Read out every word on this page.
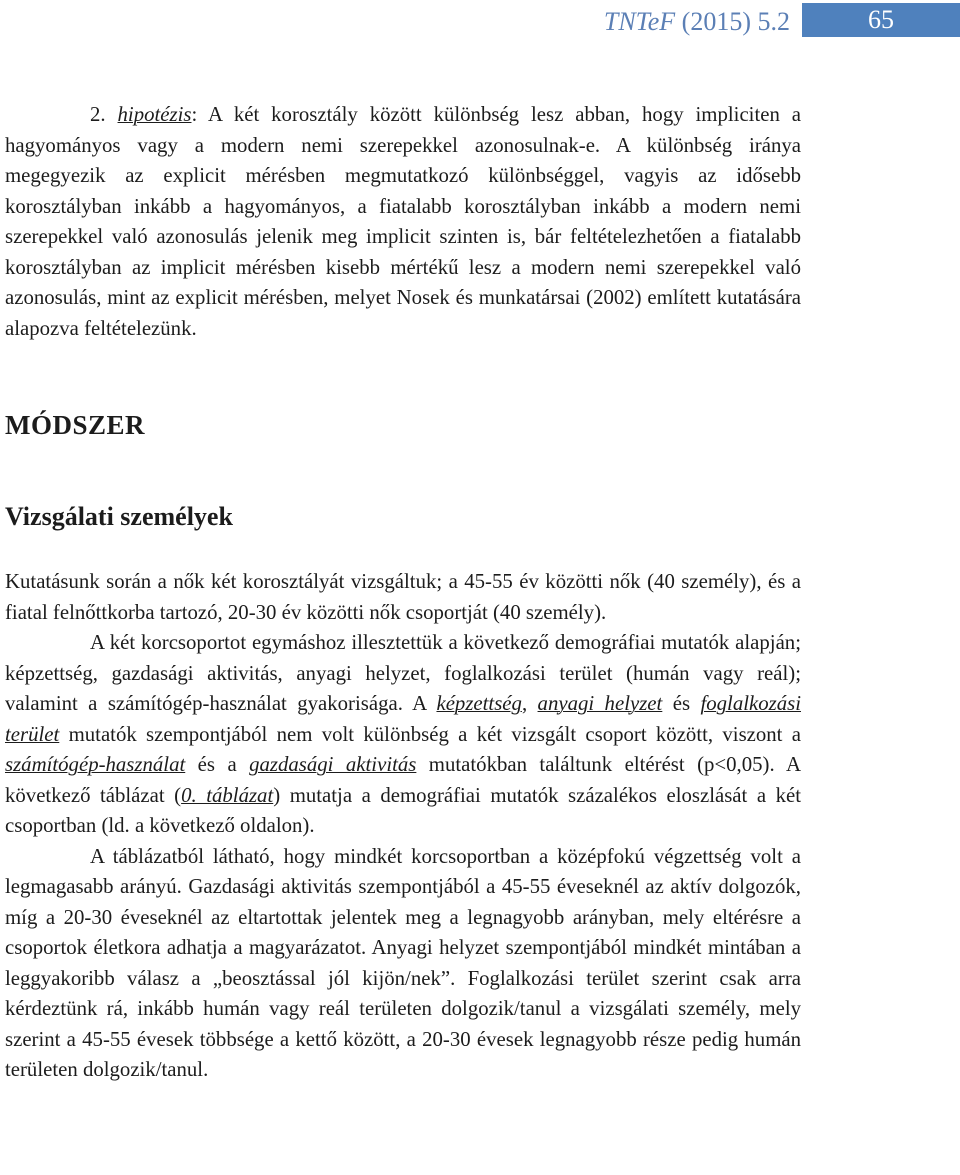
TNTeF (2015) 5.2	65

2. hipotézis: A két korosztály között különbség lesz abban, hogy impliciten a hagyományos vagy a modern nemi szerepekkel azonosulnak-e. A különbség iránya megegyezik az explicit mérésben megmutatkozó különbséggel, vagyis az idősebb korosztályban inkább a hagyományos, a fiatalabb korosztályban inkább a modern nemi szerepekkel való azonosulás jelenik meg implicit szinten is, bár feltételezhetően a fiatalabb korosztályban az implicit mérésben kisebb mértékű lesz a modern nemi szerepekkel való azonosulás, mint az explicit mérésben, melyet Nosek és munkatársai (2002) említett kutatására alapozva feltételezünk.

MÓDSZER
Vizsgálati személyek

Kutatásunk során a nők két korosztályát vizsgáltuk; a 45-55 év közötti nők (40 személy), és a fiatal felnőttkorba tartozó, 20-30 év közötti nők csoportját (40 személy).

A két korcsoportot egymáshoz illesztettük a következő demográfiai mutatók alapján; képzettség, gazdasági aktivitás, anyagi helyzet, foglalkozási terület (humán vagy reál); valamint a számítógép-használat gyakorisága. A képzettség, anyagi helyzet és foglalkozási terület mutatók szempontjából nem volt különbség a két vizsgált csoport között, viszont a számítógép-használat és a gazdasági aktivitás mutatókban találtunk eltérést (p<0,05). A következő táblázat (0. táblázat) mutatja a demográfiai mutatók százalékos eloszlását a két csoportban (ld. a következő oldalon).

A táblázatból látható, hogy mindkét korcsoportban a középfokú végzettség volt a legmagasabb arányú. Gazdasági aktivitás szempontjából a 45-55 éveseknél az aktív dolgozók, míg a 20-30 éveseknél az eltartottak jelentek meg a legnagyobb arányban, mely eltérésre a csoportok életkora adhatja a magyarázatot. Anyagi helyzet szempontjából mindkét mintában a leggyakoribb válasz a „beosztással jól kijön/nek”. Foglalkozási terület szerint csak arra kérdeztünk rá, inkább humán vagy reál területen dolgozik/tanul a vizsgálati személy, mely szerint a 45-55 évesek többsége a kettő között, a 20-30 évesek legnagyobb része pedig humán területen dolgozik/tanul.
